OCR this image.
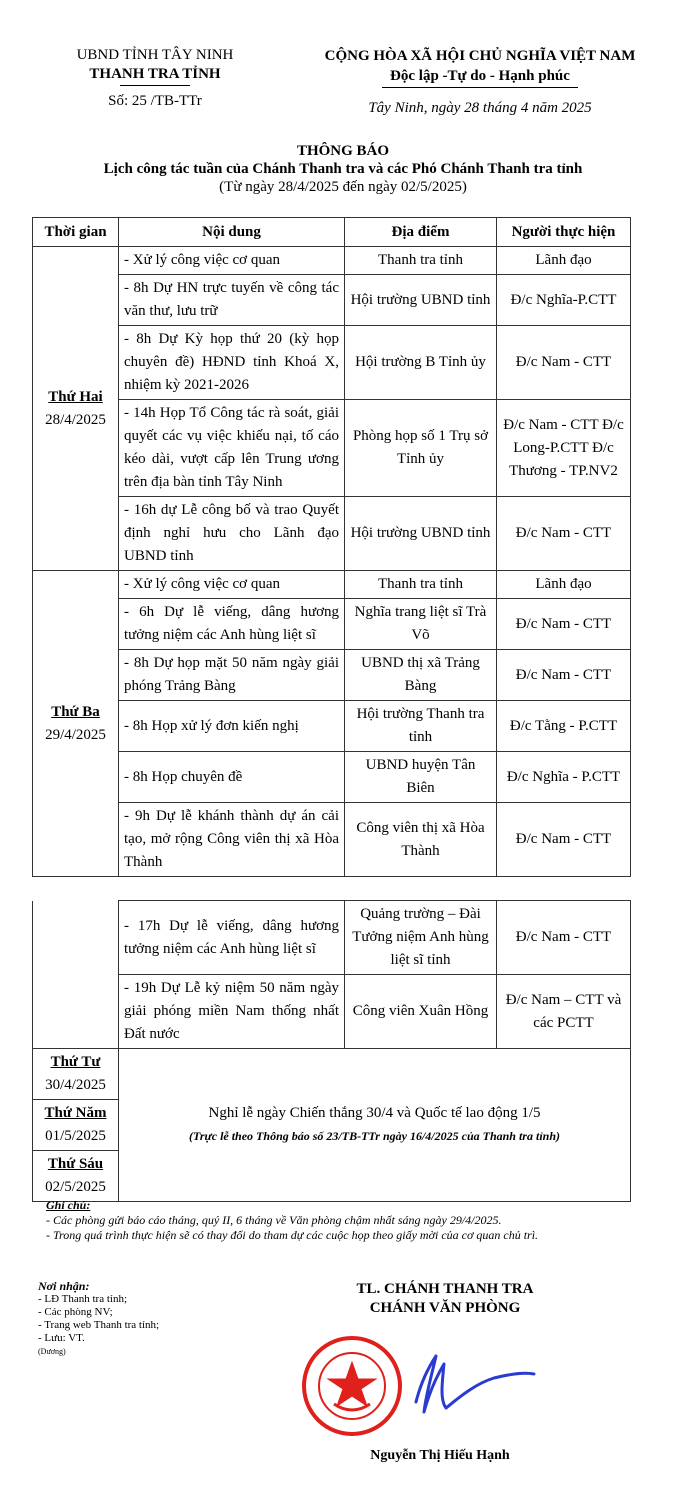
UBND TỈNH TÂY NINH
THANH TRA TỈNH
Số: 25 /TB-TTr
CỘNG HÒA XÃ HỘI CHỦ NGHĨA VIỆT NAM
Độc lập -Tự do - Hạnh phúc
Tây Ninh, ngày 28 tháng 4 năm 2025
THÔNG BÁO
Lịch công tác tuần của Chánh Thanh tra và các Phó Chánh Thanh tra tỉnh
(Từ ngày 28/4/2025 đến ngày 02/5/2025)
Thời gian	Nội dung	Địa điểm	Người thực hiện

Thứ Hai
28/4/2025	- Xử lý công việc cơ quan	Thanh tra tỉnh	Lãnh đạo
	- 8h Dự HN trực tuyến về công tác văn thư, lưu trữ	Hội trường UBND tỉnh	Đ/c Nghĩa-P.CTT
	- 8h Dự Kỳ họp thứ 20 (kỳ họp chuyên đề) HĐND tỉnh Khoá X, nhiệm kỳ 2021-2026	Hội trường B Tỉnh ủy	Đ/c Nam - CTT
	- 14h Họp Tổ Công tác rà soát, giải quyết các vụ việc khiếu nại, tố cáo kéo dài, vượt cấp lên Trung ương trên địa bàn tỉnh Tây Ninh	Phòng họp số 1 Trụ sở Tỉnh ủy	Đ/c Nam - CTT Đ/c Long-P.CTT Đ/c Thương - TP.NV2
	- 16h dự Lễ công bố và trao Quyết định nghỉ hưu cho Lãnh đạo UBND tỉnh	Hội trường UBND tỉnh	Đ/c Nam - CTT

Thứ Ba
29/4/2025	- Xử lý công việc cơ quan	Thanh tra tỉnh	Lãnh đạo
	- 6h Dự lễ viếng, dâng hương tưởng niệm các Anh hùng liệt sĩ	Nghĩa trang liệt sĩ Trà Võ	Đ/c Nam - CTT
	- 8h Dự họp mặt 50 năm ngày giải phóng Trảng Bàng	UBND thị xã Trảng Bàng	Đ/c Nam - CTT
	- 8h Họp xử lý đơn kiến nghị	Hội trường Thanh tra tỉnh	Đ/c Tằng - P.CTT
	- 8h Họp chuyên đề	UBND huyện Tân Biên	Đ/c Nghĩa - P.CTT
	- 9h Dự lễ khánh thành dự án cải tạo, mở rộng Công viên thị xã Hòa Thành	Công viên thị xã Hòa Thành	Đ/c Nam - CTT
	- 17h Dự lễ viếng, dâng hương tưởng niệm các Anh hùng liệt sĩ	Quảng trường – Đài Tưởng niệm Anh hùng liệt sĩ tỉnh	Đ/c Nam - CTT
	- 19h Dự Lễ kỷ niệm 50 năm ngày giải phóng miền Nam thống nhất Đất nước	Công viên Xuân Hồng	Đ/c Nam – CTT và các PCTT

Thứ Tư
30/4/2025	Nghỉ lễ ngày Chiến thắng 30/4 và Quốc tế lao động 1/5
(Trực lễ theo Thông báo số 23/TB-TTr ngày 16/4/2025 của Thanh tra tỉnh)		

Thứ Năm
01/5/2025			

Thứ Sáu
02/5/2025			
Ghi chú:
- Các phòng gửi báo cáo tháng, quý II, 6 tháng về Văn phòng chậm nhất sáng ngày 29/4/2025.
- Trong quá trình thực hiện sẽ có thay đổi do tham dự các cuộc họp theo giấy mời của cơ quan chủ trì.
Nơi nhận:
- LĐ Thanh tra tỉnh;
- Các phòng NV;
- Trang web Thanh tra tỉnh;
- Lưu: VT.
(Dương)
TL. CHÁNH THANH TRA
CHÁNH VĂN PHÒNG
Nguyễn Thị Hiếu Hạnh
